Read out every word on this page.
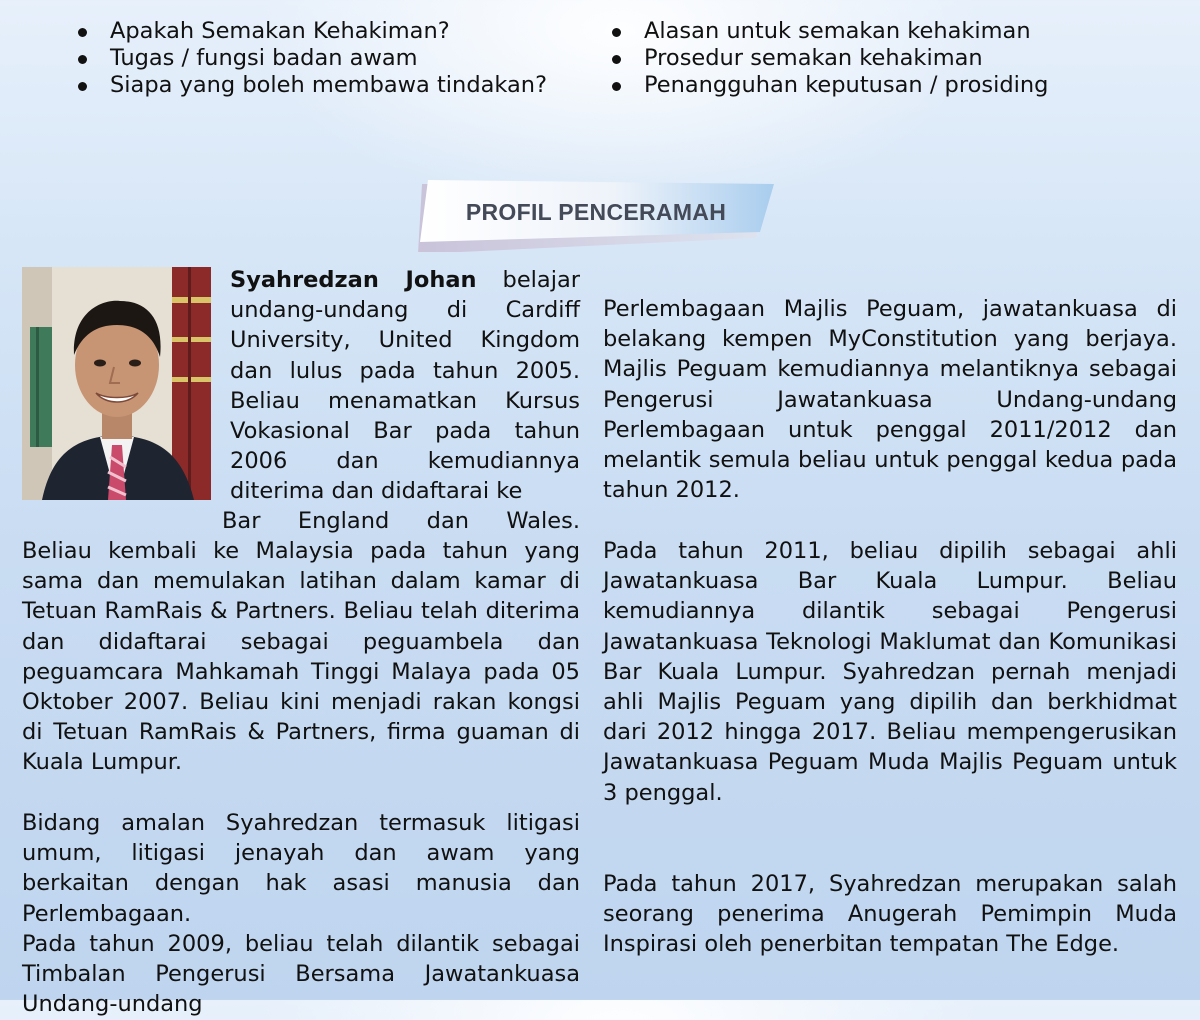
Apakah Semakan Kehakiman?
Tugas / fungsi badan awam
Siapa yang boleh membawa tindakan?
Alasan untuk semakan kehakiman
Prosedur semakan kehakiman
Penangguhan keputusan / prosiding
PROFIL PENCERAMAH

Syahredzan Johan belajar undang-undang di Cardiff University, United Kingdom dan lulus pada tahun 2005. Beliau menamatkan Kursus Vokasional Bar pada tahun 2006 dan kemudiannya diterima dan didaftarai ke

Bar England dan Wales.

Beliau kembali ke Malaysia pada tahun yang sama dan memulakan latihan dalam kamar di Tetuan RamRais & Partners. Beliau telah diterima dan didaftarai sebagai peguambela dan peguamcara Mahkamah Tinggi Malaya pada 05 Oktober 2007. Beliau kini menjadi rakan kongsi di Tetuan RamRais & Partners, firma guaman di Kuala Lumpur.

Bidang amalan Syahredzan termasuk litigasi umum, litigasi jenayah dan awam yang berkaitan dengan hak asasi manusia dan Perlembagaan.

Pada tahun 2009, beliau telah dilantik sebagai Timbalan Pengerusi Bersama Jawatankuasa Undang-undang

Perlembagaan Majlis Peguam, jawatankuasa di belakang kempen MyConstitution yang berjaya. Majlis Peguam kemudiannya melantiknya sebagai Pengerusi Jawatankuasa Undang-undang Perlembagaan untuk penggal 2011/2012 dan melantik semula beliau untuk penggal kedua pada tahun 2012.

Pada tahun 2011, beliau dipilih sebagai ahli Jawatankuasa Bar Kuala Lumpur. Beliau kemudiannya dilantik sebagai Pengerusi Jawatankuasa Teknologi Maklumat dan Komunikasi Bar Kuala Lumpur. Syahredzan pernah menjadi ahli Majlis Peguam yang dipilih dan berkhidmat dari 2012 hingga 2017. Beliau mempengerusikan Jawatankuasa Peguam Muda Majlis Peguam untuk 3 penggal.

Pada tahun 2017, Syahredzan merupakan salah seorang penerima Anugerah Pemimpin Muda Inspirasi oleh penerbitan tempatan The Edge.
